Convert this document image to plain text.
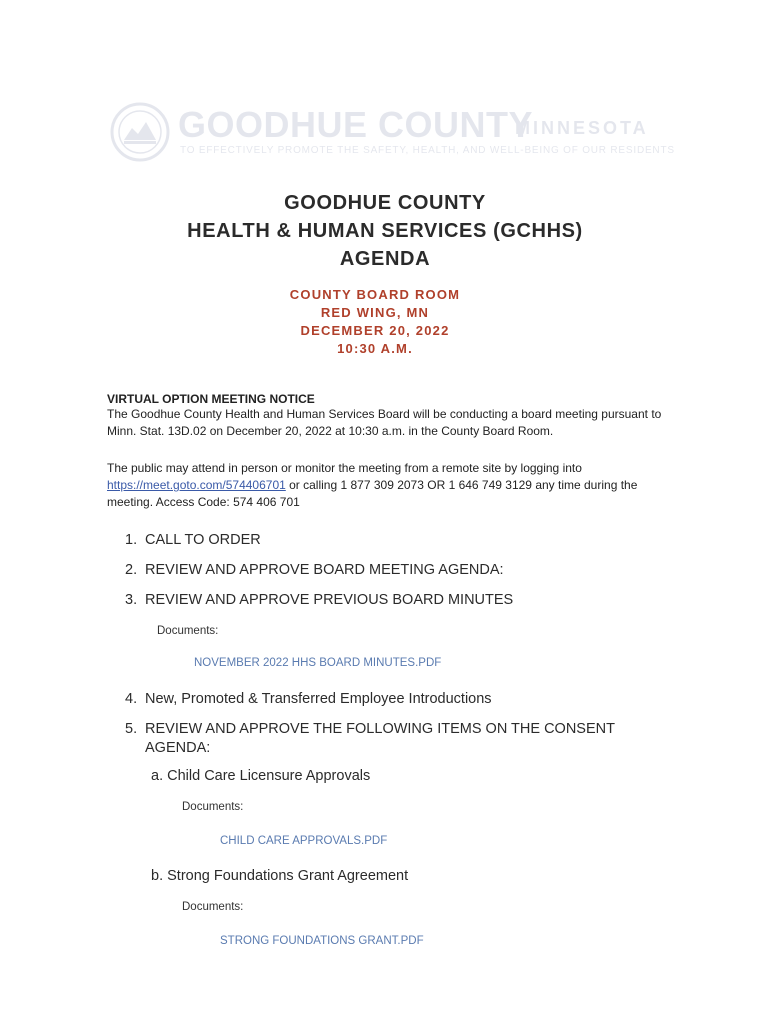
GOODHUE COUNTY
MINNESOTA
TO EFFECTIVELY PROMOTE THE SAFETY, HEALTH, AND WELL-BEING OF OUR RESIDENTS
GOODHUE COUNTY
HEALTH & HUMAN SERVICES (GCHHS)
AGENDA
COUNTY BOARD ROOM
RED WING, MN
DECEMBER 20, 2022
10:30 A.M.
VIRTUAL OPTION MEETING NOTICE
The Goodhue County Health and Human Services Board will be conducting a board meeting pursuant to Minn. Stat. 13D.02 on December 20, 2022 at 10:30 a.m. in the County Board Room.
The public may attend in person or monitor the meeting from a remote site by logging into https://meet.goto.com/574406701 or calling 1 877 309 2073 OR 1 646 749 3129 any time during the meeting. Access Code: 574 406 701
1. CALL TO ORDER
2. REVIEW AND APPROVE BOARD MEETING AGENDA:
3. REVIEW AND APPROVE PREVIOUS BOARD MINUTES
Documents:
NOVEMBER 2022 HHS BOARD MINUTES.PDF
4. New, Promoted & Transferred Employee Introductions
5. REVIEW AND APPROVE THE FOLLOWING ITEMS ON THE CONSENT
AGENDA:
a. Child Care Licensure Approvals
Documents:
CHILD CARE APPROVALS.PDF
b. Strong Foundations Grant Agreement
Documents:
STRONG FOUNDATIONS GRANT.PDF
